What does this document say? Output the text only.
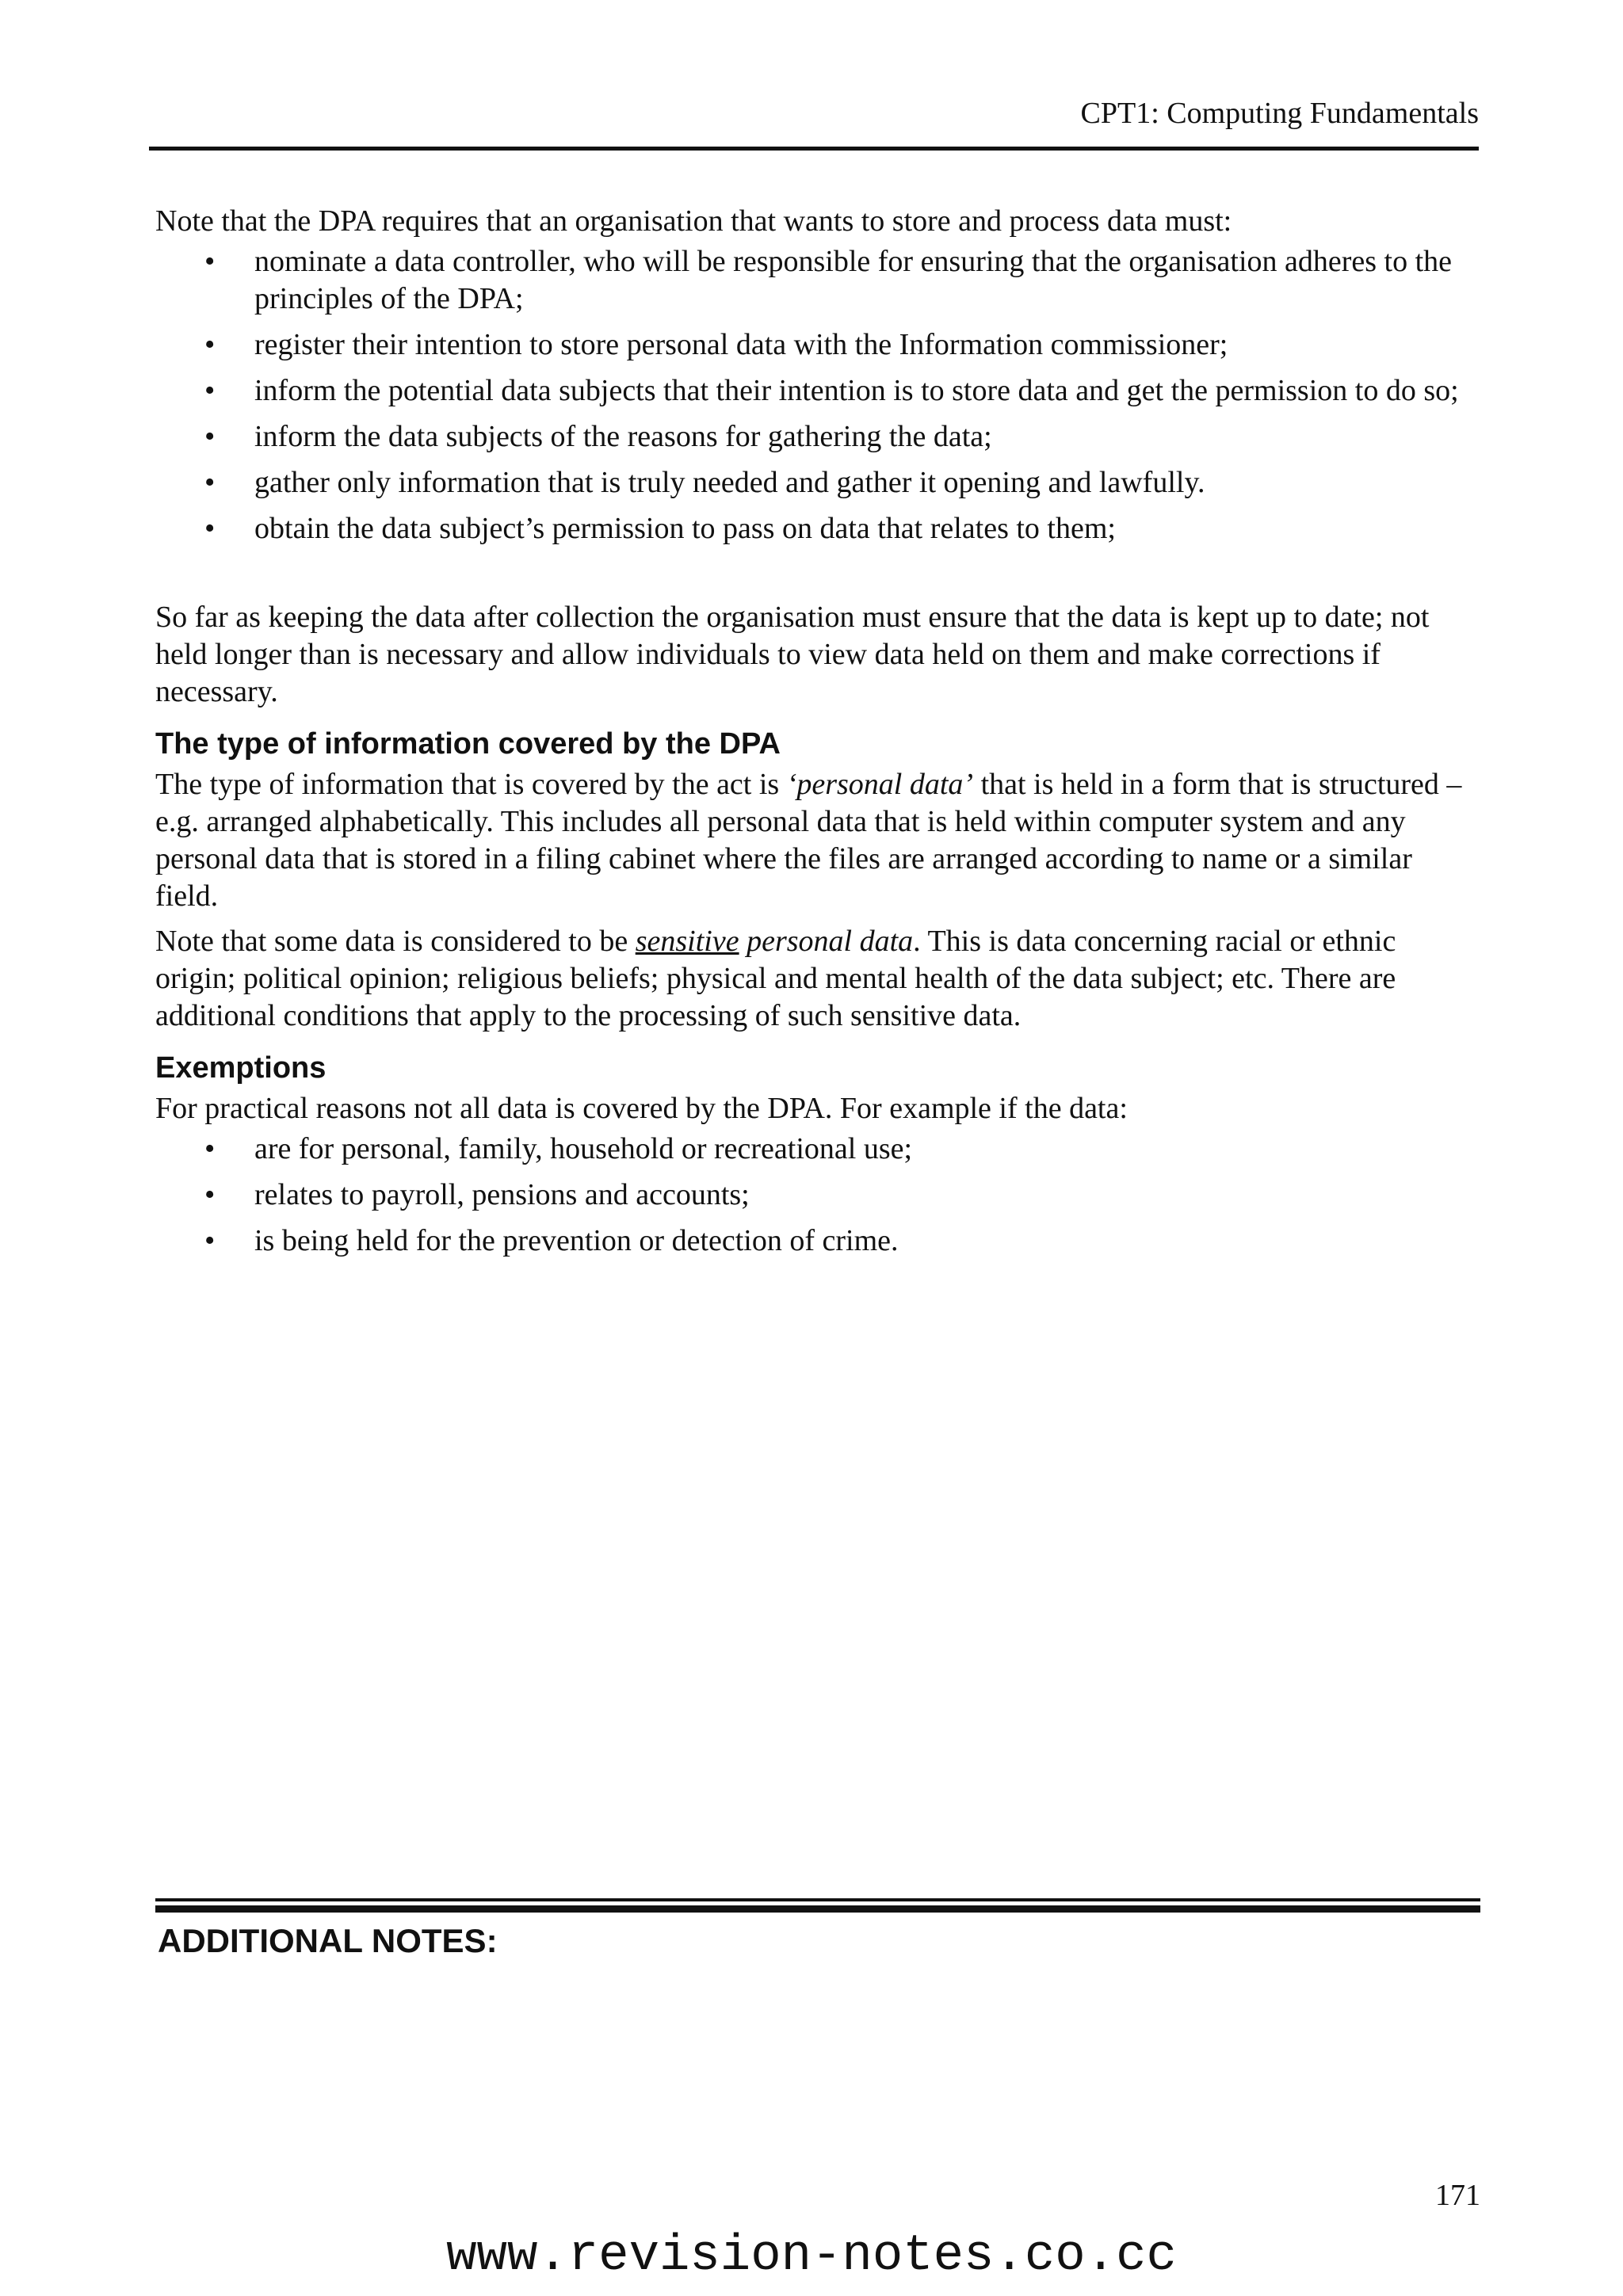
CPT1: Computing Fundamentals

Note that the DPA requires that an organisation that wants to store and process data must:

• nominate a data controller, who will be responsible for ensuring that the organisation adheres to the principles of the DPA;
• register their intention to store personal data with the Information commissioner;
• inform the potential data subjects that their intention is to store data and get the permission to do so;
• inform the data subjects of the reasons for gathering the data;
• gather only information that is truly needed and gather it opening and lawfully.
• obtain the data subject’s permission to pass on data that relates to them;

So far as keeping the data after collection the organisation must ensure that the data is kept up to date; not held longer than is necessary and allow individuals to view data held on them and make corrections if necessary.

The type of information covered by the DPA

The type of information that is covered by the act is ‘personal data’ that is held in a form that is structured – e.g. arranged alphabetically. This includes all personal data that is held within computer system and any personal data that is stored in a filing cabinet where the files are arranged according to name or a similar field.

Note that some data is considered to be sensitive personal data. This is data concerning racial or ethnic origin; political opinion; religious beliefs; physical and mental health of the data subject; etc. There are additional conditions that apply to the processing of such sensitive data.

Exemptions

For practical reasons not all data is covered by the DPA. For example if the data:

• are for personal, family, household or recreational use;
• relates to payroll, pensions and accounts;
• is being held for the prevention or detection of crime.
ADDITIONAL NOTES:
171
www.revision-notes.co.cc
